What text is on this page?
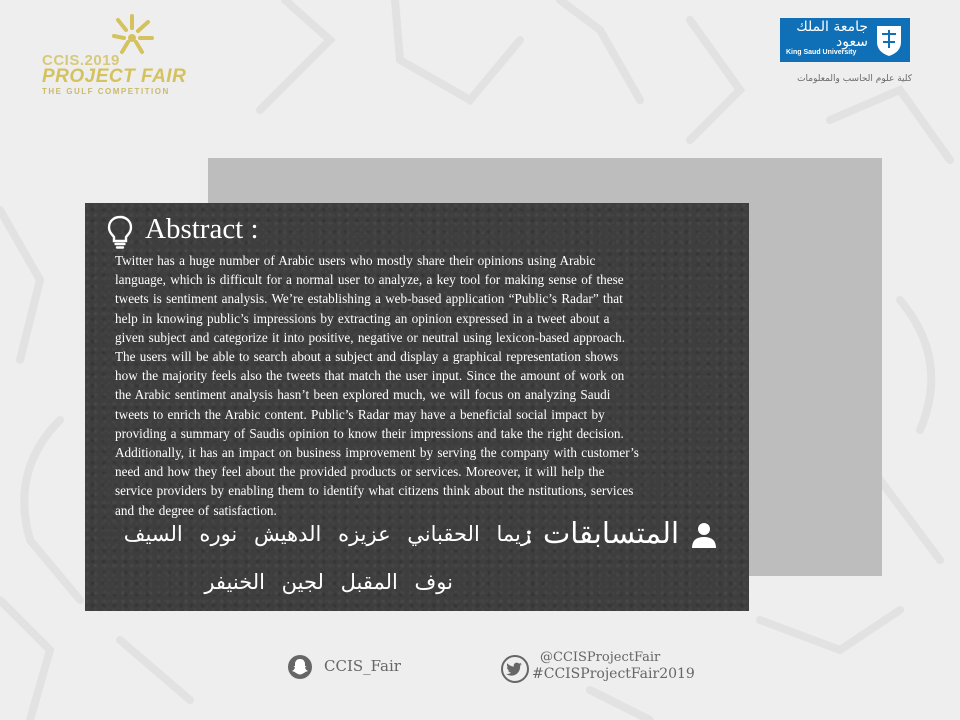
CCIS.2019
PROJECT FAIR
THE GULF COMPETITION
جامعة الملك سعود
King Saud University
كلية علوم الحاسب والمعلومات
Abstract :
Twitter has a huge number of Arabic users who mostly share their opinions using Arabic
language, which is difficult for a normal user to analyze, a key tool for making sense of these
tweets is sentiment analysis. We’re establishing a web-based application “Public’s Radar” that
help in knowing public’s impressions by extracting an opinion expressed in a tweet about a
given subject and categorize it into positive, negative or neutral using lexicon-based approach.
The users will be able to search about a subject and display a graphical representation shows
how the majority feels also the tweets that match the user input. Since the amount of work on
the Arabic sentiment analysis hasn’t been explored much, we will focus on analyzing Saudi
tweets to enrich the Arabic content. Public’s Radar may have a beneficial social impact by
providing a summary of Saudis opinion to know their impressions and take the right decision.
Additionally, it has an impact on business improvement by serving the company with customer’s
need and how they feel about the provided products or services. Moreover, it will help the
service providers by enabling them to identify what citizens think about the nstitutions, services
and the degree of satisfaction.
المتسابقات :
ريما الحقباني عزيزه الدهيش نوره السيف
نوف المقبل لجين الخنيفر
CCIS_Fair	@CCISProjectFair
#CCISProjectFair2019
